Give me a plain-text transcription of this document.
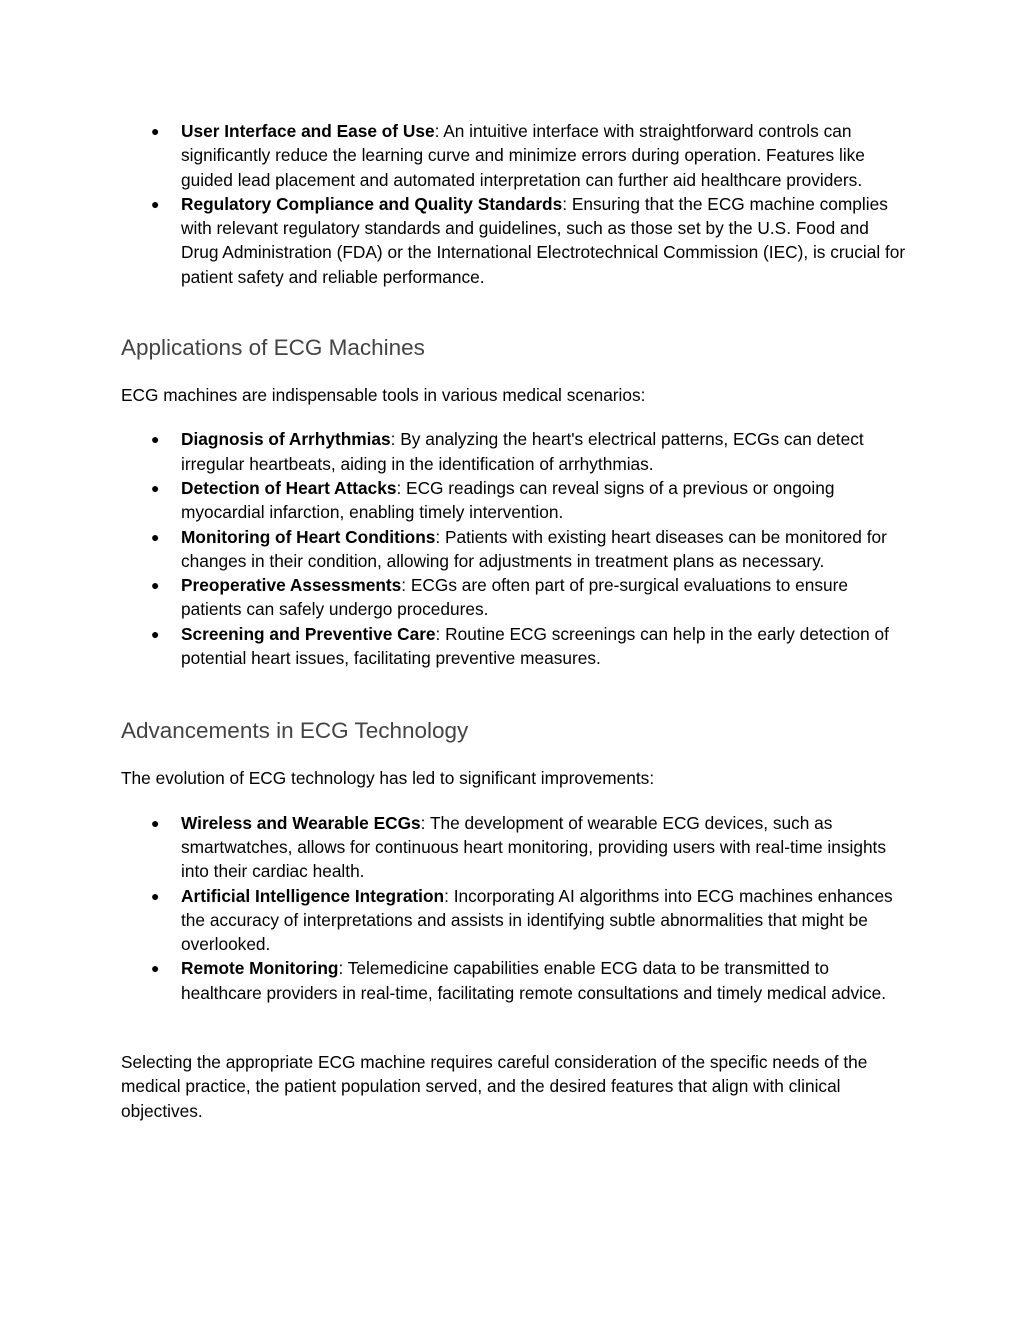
● User Interface and Ease of Use: An intuitive interface with straightforward controls can significantly reduce the learning curve and minimize errors during operation. Features like guided lead placement and automated interpretation can further aid healthcare providers.
● Regulatory Compliance and Quality Standards: Ensuring that the ECG machine complies with relevant regulatory standards and guidelines, such as those set by the U.S. Food and Drug Administration (FDA) or the International Electrotechnical Commission (IEC), is crucial for patient safety and reliable performance.
Applications of ECG Machines

ECG machines are indispensable tools in various medical scenarios:

● Diagnosis of Arrhythmias: By analyzing the heart's electrical patterns, ECGs can detect irregular heartbeats, aiding in the identification of arrhythmias.
● Detection of Heart Attacks: ECG readings can reveal signs of a previous or ongoing myocardial infarction, enabling timely intervention.
● Monitoring of Heart Conditions: Patients with existing heart diseases can be monitored for changes in their condition, allowing for adjustments in treatment plans as necessary.
● Preoperative Assessments: ECGs are often part of pre-surgical evaluations to ensure patients can safely undergo procedures.
● Screening and Preventive Care: Routine ECG screenings can help in the early detection of potential heart issues, facilitating preventive measures.
Advancements in ECG Technology

The evolution of ECG technology has led to significant improvements:

● Wireless and Wearable ECGs: The development of wearable ECG devices, such as smartwatches, allows for continuous heart monitoring, providing users with real-time insights into their cardiac health.
● Artificial Intelligence Integration: Incorporating AI algorithms into ECG machines enhances the accuracy of interpretations and assists in identifying subtle abnormalities that might be overlooked.
● Remote Monitoring: Telemedicine capabilities enable ECG data to be transmitted to healthcare providers in real-time, facilitating remote consultations and timely medical advice.

Selecting the appropriate ECG machine requires careful consideration of the specific needs of the medical practice, the patient population served, and the desired features that align with clinical objectives.
